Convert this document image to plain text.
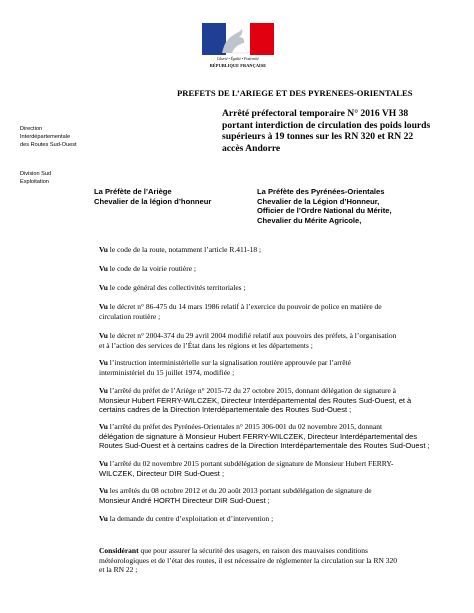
Liberté • Égalité • Fraternité
RÉPUBLIQUE FRANÇAISE
PREFETS DE L’ARIEGE ET DES PYRENEES-ORIENTALES
Arrêté préfectoral temporaire N° 2016 VH 38
portant interdiction de circulation des poids lourds
supérieurs à 19 tonnes sur les RN 320 et RN 22
accès Andorre
Direction
Interdépartementale
des Routes Sud-Ouest
Division Sud
Exploitation
La Préfète de l’Ariège
Chevalier de la légion d’honneur
La Préfète des Pyrénées-Orientales
Chevalier de la Légion d’Honneur,
Officier de l’Ordre National du Mérite,
Chevalier du Mérite Agricole,
Vu le code de la route, notamment l’article R.411-18 ;
Vu le code de la voirie routière ;
Vu le code général des collectivités territoriales ;
Vu le décret n° 86-475 du 14 mars 1986 relatif à l’exercice du pouvoir de police en matière de
circulation routière ;
Vu le décret n° 2004-374 du 29 avril 2004 modifié relatif aux pouvoirs des préfets, à l’organisation
et à l’action des services de l’État dans les régions et les départements ;
Vu l’instruction interministérielle sur la signalisation routière approuvée par l’arrêté
interministériel du 15 juillet 1974, modifiée ;
Vu l’arrêté du préfet de l’Ariège n° 2015-72 du 27 octobre 2015, donnant délégation de signature à
Monsieur Hubert FERRY-WILCZEK, Directeur Interdépartemental des Routes Sud-Ouest, et à
certains cadres de la Direction Interdépartementale des Routes Sud-Ouest ;
Vu l’arrêté du préfet des Pyrénées-Orientales n° 2015 306-001 du 02 novembre 2015, donnant
délégation de signature à Monsieur Hubert FERRY-WILCZEK, Directeur Interdépartemental des
Routes Sud-Ouest et à certains cadres de la Direction Interdépartementale des Routes Sud-Ouest ;
Vu l’arrêté du 02 novembre 2015 portant subdélégation de signature de Monsieur Hubert FERRY-
WILCZEK, Directeur DIR Sud-Ouest ;
Vu les arrêtés du 08 octobre 2012 et du 20 août 2013 portant subdélégation de signature de
Monsieur André HORTH Directeur DIR Sud-Ouest ;
Vu la demande du centre d’exploitation et d’intervention ;
Considérant que pour assurer la sécurité des usagers, en raison des mauvaises conditions
météorologiques et de l’état des routes, il est nécessaire de réglementer la circulation sur la RN 320
et la RN 22 ;
